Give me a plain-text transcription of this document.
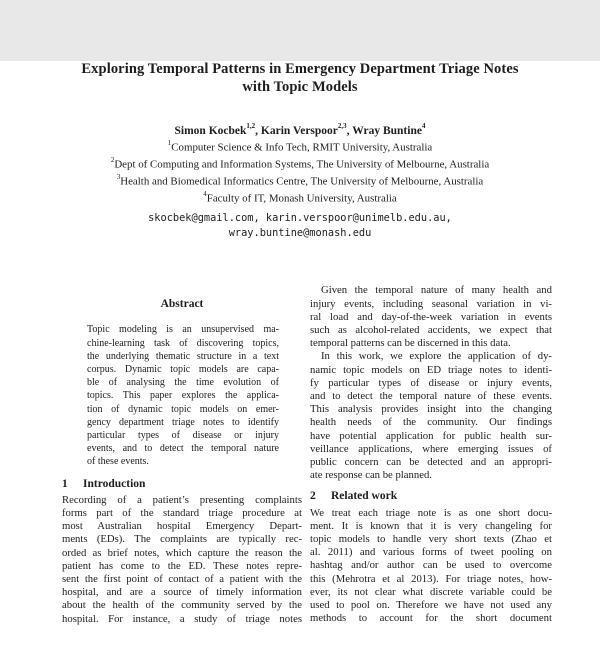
Exploring Temporal Patterns in Emergency Department Triage Notes
with Topic Models
Simon Kocbek$^{1,2}$, Karin Verspoor$^{2,3}$, Wray Buntine$^4$
$^1$Computer Science & Info Tech, RMIT University, Australia
$^2$Dept of Computing and Information Systems, The University of Melbourne, Australia
$^3$Health and Biomedical Informatics Centre, The University of Melbourne, Australia
$^4$Faculty of IT, Monash University, Australia
skocbek@gmail.com, karin.verspoor@unimelb.edu.au,
wray.buntine@monash.edu
Abstract
Topic modeling is an unsupervised ma-
chine-learning task of discovering topics,
the underlying thematic structure in a text
corpus. Dynamic topic models are capa-
ble of analysing the time evolution of
topics. This paper explores the applica-
tion of dynamic topic models on emer-
gency department triage notes to identify
particular types of disease or injury
events, and to detect the temporal nature
of these events.
1 Introduction
Recording of a patient’s presenting complaints
forms part of the standard triage procedure at
most Australian hospital Emergency Depart-
ments (EDs). The complaints are typically rec-
orded as brief notes, which capture the reason the
patient has come to the ED. These notes repre-
sent the first point of contact of a patient with the
hospital, and are a source of timely information
about the health of the community served by the
hospital. For instance, a study of triage notes
Given the temporal nature of many health and
injury events, including seasonal variation in vi-
ral load and day-of-the-week variation in events
such as alcohol-related accidents, we expect that
temporal patterns can be discerned in this data.
In this work, we explore the application of dy-
namic topic models on ED triage notes to identi-
fy particular types of disease or injury events,
and to detect the temporal nature of these events.
This analysis provides insight into the changing
health needs of the community. Our findings
have potential application for public health sur-
veillance applications, where emerging issues of
public concern can be detected and an appropri-
ate response can be planned.
2 Related work
We treat each triage note is as one short docu-
ment. It is known that it is very changeling for
topic models to handle very short texts (Zhao et
al. 2011) and various forms of tweet pooling on
hashtag and/or author can be used to overcome
this (Mehrotra et al 2013). For triage notes, how-
ever, its not clear what discrete variable could be
used to pool on. Therefore we have not used any
methods to account for the short document
